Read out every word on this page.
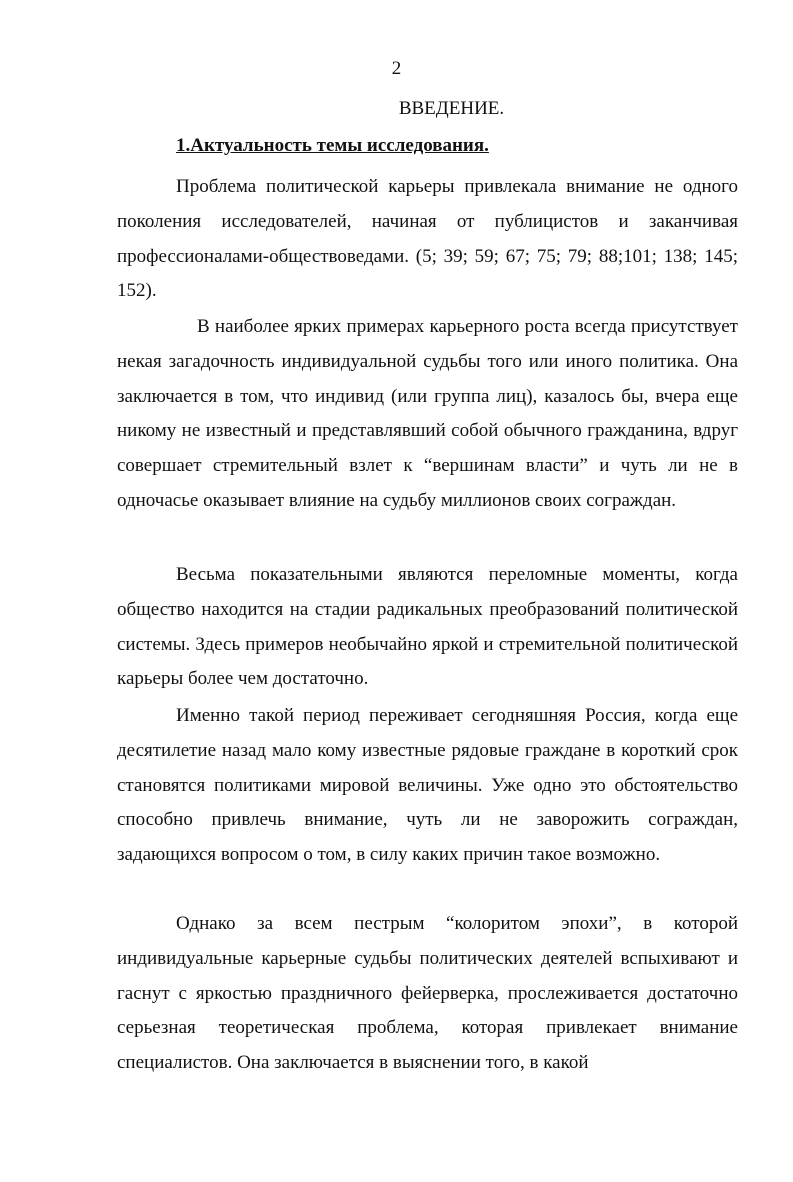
2
ВВЕДЕНИЕ.
1.Актуальность темы исследования.

Проблема политической карьеры привлекала внимание не одного поколения исследователей, начиная от публицистов и заканчивая профессионалами-обществоведами. (5; 39; 59; 67; 75; 79; 88;101; 138; 145; 152).

В наиболее ярких примерах карьерного роста всегда присутствует некая загадочность индивидуальной судьбы того или иного политика. Она заключается в том, что индивид (или группа лиц), казалось бы, вчера еще никому не известный и представлявший собой обычного гражданина, вдруг совершает стремительный взлет к “вершинам власти” и чуть ли не в одночасье оказывает влияние на судьбу миллионов своих сограждан.

Весьма показательными являются переломные моменты, когда общество находится на стадии радикальных преобразований политической системы. Здесь примеров необычайно яркой и стремительной политической карьеры более чем достаточно.

Именно такой период переживает сегодняшняя Россия, когда еще десятилетие назад мало кому известные рядовые граждане в короткий срок становятся политиками мировой величины. Уже одно это обстоятельство способно привлечь внимание, чуть ли не заворожить сограждан, задающихся вопросом о том, в силу каких причин такое возможно.

Однако за всем пестрым “колоритом эпохи”, в которой индивидуальные карьерные судьбы политических деятелей вспыхивают и гаснут с яркостью праздничного фейерверка, прослеживается достаточно серьезная теоретическая проблема, которая привлекает внимание специалистов. Она заключается в выяснении того, в какой
